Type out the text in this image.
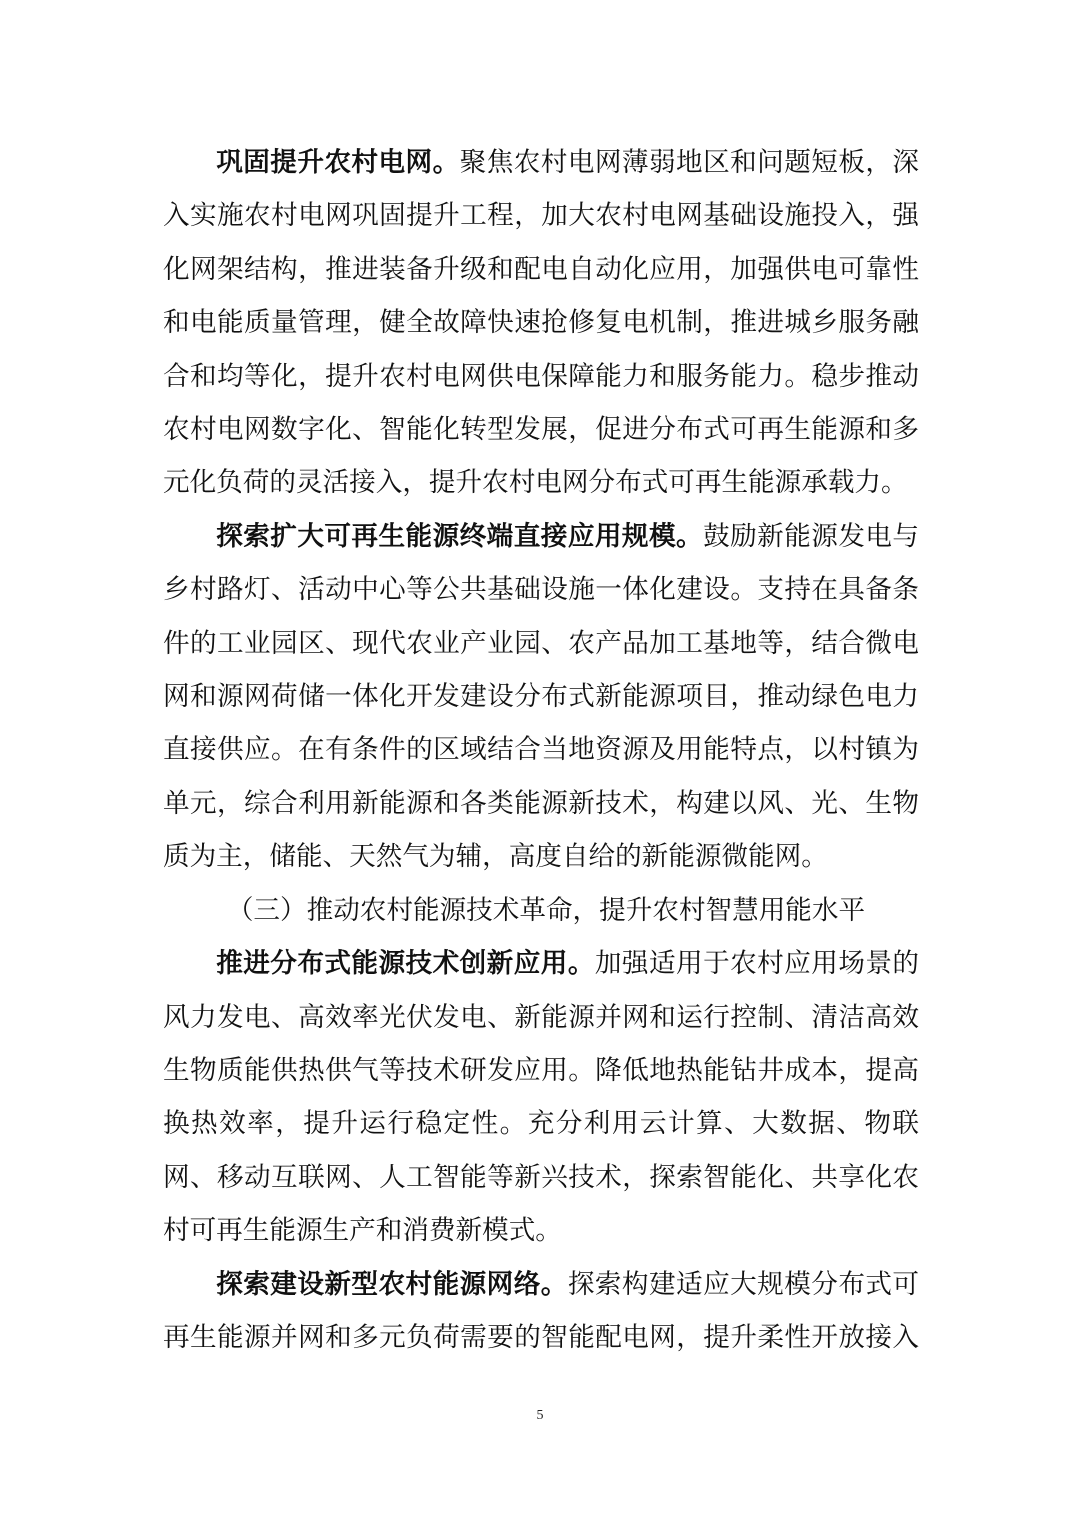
巩固提升农村电网。聚焦农村电网薄弱地区和问题短板，深入实施农村电网巩固提升工程，加大农村电网基础设施投入，强化网架结构，推进装备升级和配电自动化应用，加强供电可靠性和电能质量管理，健全故障快速抢修复电机制，推进城乡服务融合和均等化，提升农村电网供电保障能力和服务能力。稳步推动农村电网数字化、智能化转型发展，促进分布式可再生能源和多元化负荷的灵活接入，提升农村电网分布式可再生能源承载力。

探索扩大可再生能源终端直接应用规模。鼓励新能源发电与乡村路灯、活动中心等公共基础设施一体化建设。支持在具备条件的工业园区、现代农业产业园、农产品加工基地等，结合微电网和源网荷储一体化开发建设分布式新能源项目，推动绿色电力直接供应。在有条件的区域结合当地资源及用能特点，以村镇为单元，综合利用新能源和各类能源新技术，构建以风、光、生物质为主，储能、天然气为辅，高度自给的新能源微能网。

（三）推动农村能源技术革命，提升农村智慧用能水平

推进分布式能源技术创新应用。加强适用于农村应用场景的风力发电、高效率光伏发电、新能源并网和运行控制、清洁高效生物质能供热供气等技术研发应用。降低地热能钻井成本，提高换热效率，提升运行稳定性。充分利用云计算、大数据、物联网、移动互联网、人工智能等新兴技术，探索智能化、共享化农村可再生能源生产和消费新模式。

探索建设新型农村能源网络。探索构建适应大规模分布式可再生能源并网和多元负荷需要的智能配电网，提升柔性开放接入

5
